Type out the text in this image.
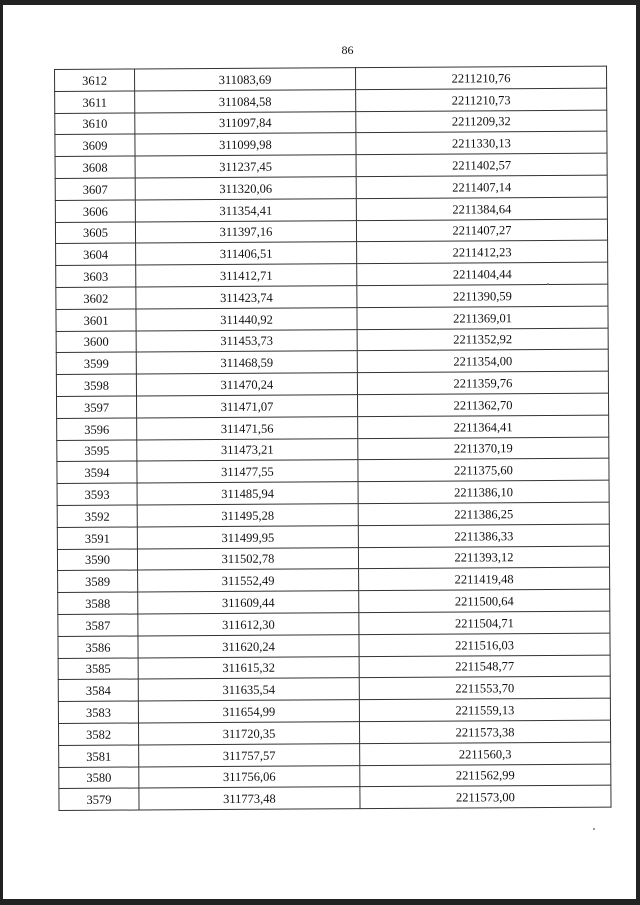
86
3612	311083,69	2211210,76
3611	311084,58	2211210,73
3610	311097,84	2211209,32
3609	311099,98	2211330,13
3608	311237,45	2211402,57
3607	311320,06	2211407,14
3606	311354,41	2211384,64
3605	311397,16	2211407,27
3604	311406,51	2211412,23
3603	311412,71	2211404,44
3602	311423,74	2211390,59
3601	311440,92	2211369,01
3600	311453,73	2211352,92
3599	311468,59	2211354,00
3598	311470,24	2211359,76
3597	311471,07	2211362,70
3596	311471,56	2211364,41
3595	311473,21	2211370,19
3594	311477,55	2211375,60
3593	311485,94	2211386,10
3592	311495,28	2211386,25
3591	311499,95	2211386,33
3590	311502,78	2211393,12
3589	311552,49	2211419,48
3588	311609,44	2211500,64
3587	311612,30	2211504,71
3586	311620,24	2211516,03
3585	311615,32	2211548,77
3584	311635,54	2211553,70
3583	311654,99	2211559,13
3582	311720,35	2211573,38
3581	311757,57	2211560,3
3580	311756,06	2211562,99
3579	311773,48	2211573,00
